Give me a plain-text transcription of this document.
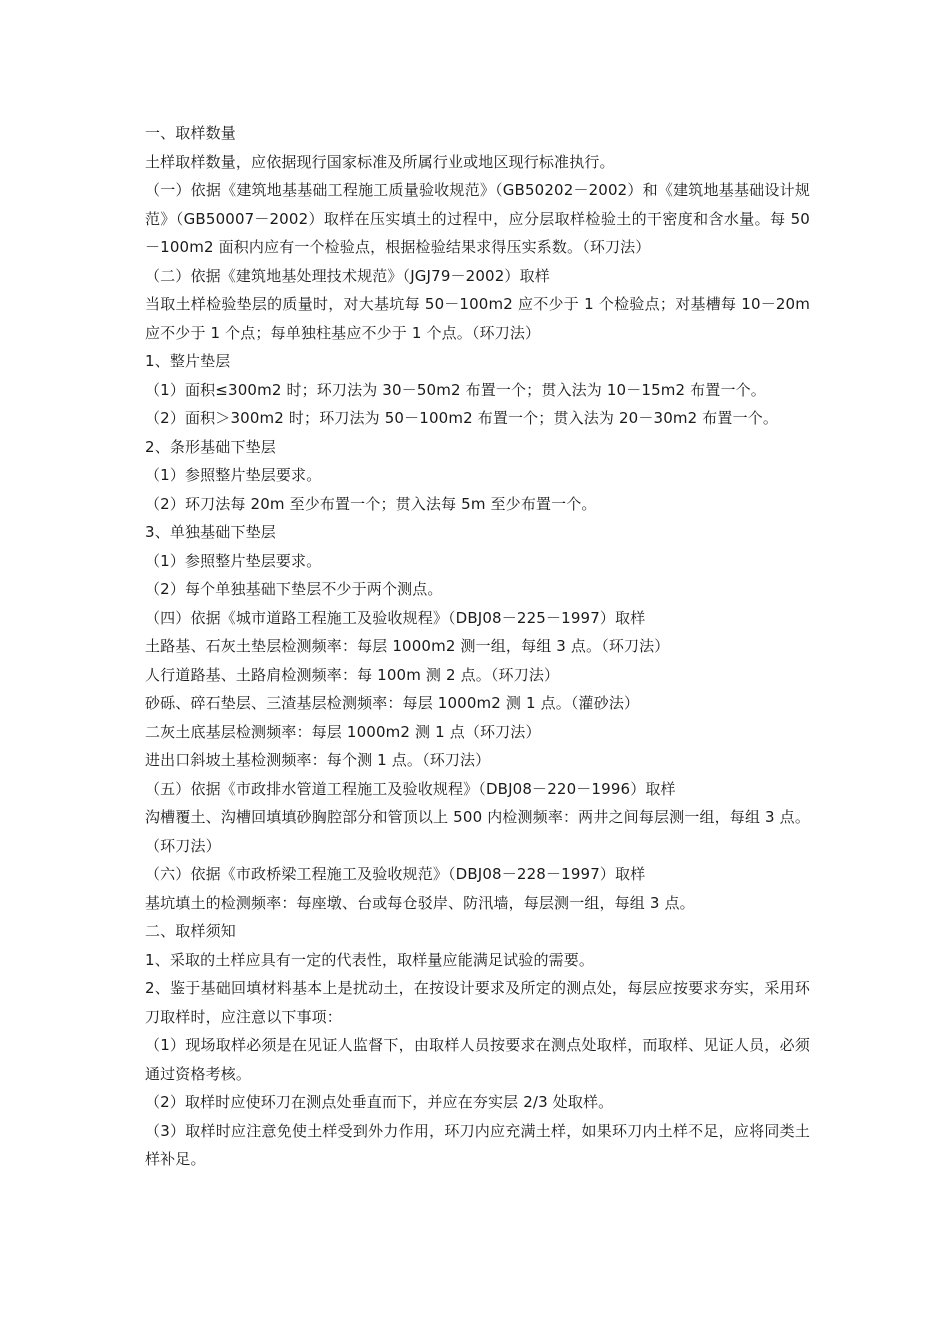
一、取样数量

土样取样数量，应依据现行国家标准及所属行业或地区现行标准执行。

（一）依据《建筑地基基础工程施工质量验收规范》（GB50202－2002）和《建筑地基基础设计规范》（GB50007－2002）取样在压实填土的过程中，应分层取样检验土的干密度和含水量。每 50－100m2 面积内应有一个检验点，根据检验结果求得压实系数。（环刀法）

（二）依据《建筑地基处理技术规范》（JGJ79－2002）取样

当取土样检验垫层的质量时，对大基坑每 50－100m2 应不少于 1 个检验点；对基槽每 10－20m 应不少于 1 个点；每单独柱基应不少于 1 个点。（环刀法）

1、整片垫层

（1）面积≤300m2 时；环刀法为 30－50m2 布置一个；贯入法为 10－15m2 布置一个。

（2）面积＞300m2 时；环刀法为 50－100m2 布置一个；贯入法为 20－30m2 布置一个。

2、条形基础下垫层

（1）参照整片垫层要求。

（2）环刀法每 20m 至少布置一个；贯入法每 5m 至少布置一个。

3、单独基础下垫层

（1）参照整片垫层要求。

（2）每个单独基础下垫层不少于两个测点。

（四）依据《城市道路工程施工及验收规程》（DBJ08－225－1997）取样

土路基、石灰土垫层检测频率：每层 1000m2 测一组，每组 3 点。（环刀法）

人行道路基、土路肩检测频率：每 100m 测 2 点。（环刀法）

砂砾、碎石垫层、三渣基层检测频率：每层 1000m2 测 1 点。（灌砂法）

二灰土底基层检测频率：每层 1000m2 测 1 点（环刀法）

进出口斜坡土基检测频率：每个测 1 点。（环刀法）

（五）依据《市政排水管道工程施工及验收规程》（DBJ08－220－1996）取样

沟槽覆土、沟槽回填填砂胸腔部分和管顶以上 500 内检测频率：两井之间每层测一组，每组 3 点。（环刀法）

（六）依据《市政桥梁工程施工及验收规范》（DBJ08－228－1997）取样

基坑填土的检测频率：每座墩、台或每仓驳岸、防汛墙，每层测一组，每组 3 点。

二、取样须知

1、采取的土样应具有一定的代表性，取样量应能满足试验的需要。

2、鉴于基础回填材料基本上是扰动土，在按设计要求及所定的测点处，每层应按要求夯实，采用环刀取样时，应注意以下事项：

（1）现场取样必须是在见证人监督下，由取样人员按要求在测点处取样，而取样、见证人员，必须通过资格考核。

（2）取样时应使环刀在测点处垂直而下，并应在夯实层 2/3 处取样。

（3）取样时应注意免使土样受到外力作用，环刀内应充满土样，如果环刀内土样不足，应将同类土样补足。
